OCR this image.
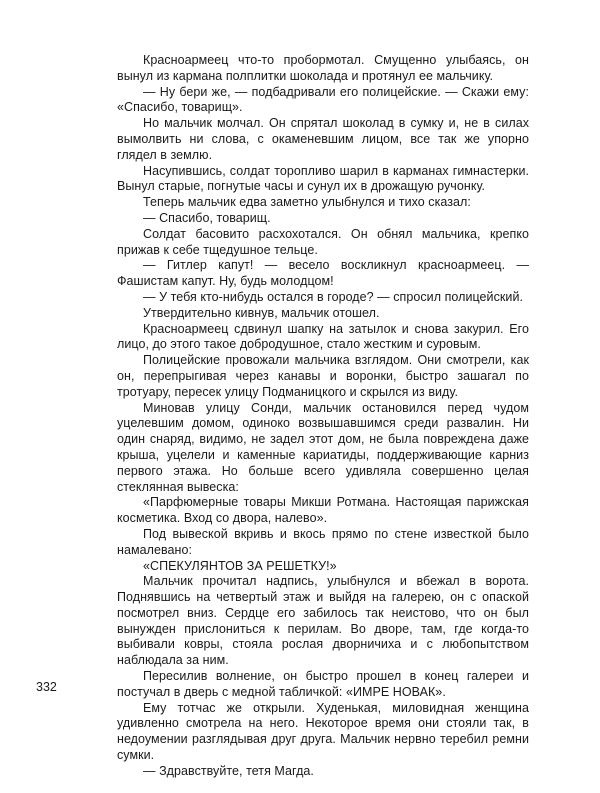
Красноармеец что-то пробормотал. Смущенно улыбаясь, он вынул из кармана полплитки шоколада и протянул ее мальчику.

— Ну бери же, — подбадривали его полицейские. — Скажи ему: «Спасибо, товарищ».

Но мальчик молчал. Он спрятал шоколад в сумку и, не в силах вымолвить ни слова, с окаменевшим лицом, все так же упорно глядел в землю.

Насупившись, солдат торопливо шарил в карманах гимнастерки. Вынул старые, погнутые часы и сунул их в дрожащую ручонку.

Теперь мальчик едва заметно улыбнулся и тихо сказал:

— Спасибо, товарищ.

Солдат басовито расхохотался. Он обнял мальчика, крепко прижав к себе тщедушное тельце.

— Гитлер капут! — весело воскликнул красноармеец. — Фашистам капут. Ну, будь молодцом!

— У тебя кто-нибудь остался в городе? — спросил полицейский.

Утвердительно кивнув, мальчик отошел.

Красноармеец сдвинул шапку на затылок и снова закурил. Его лицо, до этого такое добродушное, стало жестким и суровым.

Полицейские провожали мальчика взглядом. Они смотрели, как он, перепрыгивая через канавы и воронки, быстро зашагал по тротуару, пересек улицу Подманицкого и скрылся из виду.

Миновав улицу Сонди, мальчик остановился перед чудом уцелевшим домом, одиноко возвышавшимся среди развалин. Ни один снаряд, видимо, не задел этот дом, не была повреждена даже крыша, уцелели и каменные кариатиды, поддерживающие карниз первого этажа. Но больше всего удивляла совершенно целая стеклянная вывеска:

«Парфюмерные товары Микши Ротмана. Настоящая парижская косметика. Вход со двора, налево».

Под вывеской вкривь и вкось прямо по стене известкой было намалевано:

«СПЕКУЛЯНТОВ ЗА РЕШЕТКУ!»

Мальчик прочитал надпись, улыбнулся и вбежал в ворота. Поднявшись на четвертый этаж и выйдя на галерею, он с опаской посмотрел вниз. Сердце его забилось так неистово, что он был вынужден прислониться к перилам. Во дворе, там, где когда-то выбивали ковры, стояла рослая дворничиха и с любопытством наблюдала за ним.

Пересилив волнение, он быстро прошел в конец галереи и постучал в дверь с медной табличкой: «ИМРЕ НОВАК».

Ему тотчас же открыли. Худенькая, миловидная женщина удивленно смотрела на него. Некоторое время они стояли так, в недоумении разглядывая друг друга. Мальчик нервно теребил ремни сумки.

— Здравствуйте, тетя Магда.

332
